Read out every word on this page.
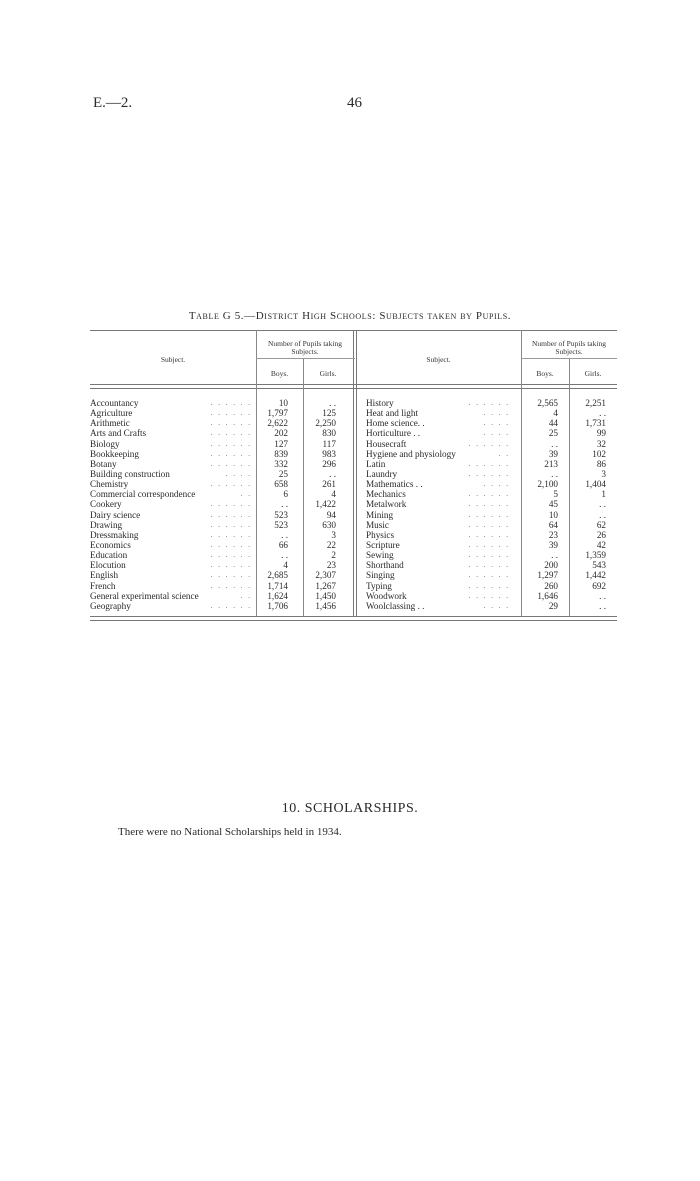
E.—2.	46
Table G 5.—District High Schools: Subjects taken by Pupils.
Subject.
Number of Pupils taking Subjects.
Boys.	Girls.
Subject.
Number of Pupils taking Subjects.
Boys.	Girls.
Accountancy	. . . . . .	10	. .
Agriculture	. . . . . . 1,797	125
Arithmetic	. . . . . . 2,622	2,250
Arts and Crafts	. . . . . . 202	830
Biology	. . . . . . 127	117
Bookkeeping	. . . . . . 839	983
Botany	. . . . . . 332	296
Building construction	. . . .	25	. .
Chemistry	. . . . . . 658	261
Commercial correspondence	. .	6	4
Cookery	. . . . . .	. .	1,422
Dairy science	. . . . . . 523	94
Drawing	. . . . . . 523	630
Dressmaking	. . . . . .	. .	3
Economics	. . . . . .	66	22
Education	. . . . . .	. .	2
Elocution	. . . . . .	4	23
English	. . . . . . 2,685	2,307
French	. . . . . . 1,714	1,267
General experimental science	. . 1,624	1,450
Geography	. . . . . . 1,706	1,456
History	. . . . . .	2,565	2,251
Heat and light	. . . .	4	. .
Home science. .	. . . .	44	1,731
Horticulture . .	. . . .	25	99
Housecraft	. . . . . .	. .	32
Hygiene and physiology	. .	39	102
Latin	. . . . . .	213	86
Laundry	. . . . . .	. .	3
Mathematics . .	. . . .	2,100	1,404
Mechanics	. . . . . .	5	1
Metalwork	. . . . . .	45	. .
Mining	. . . . . .	10	. .
Music	. . . . . .	64	62
Physics	. . . . . .	23	26
Scripture	. . . . . .	39	42
Sewing	. . . . . .	. .	1,359
Shorthand	. . . . . .	200	543
Singing	. . . . . .	1,297	1,442
Typing	. . . . . .	260	692
Woodwork	. . . . . .	1,646	. .
Woolclassing . .	. . . .	29	. .
10. SCHOLARSHIPS.
There were no National Scholarships held in 1934.
